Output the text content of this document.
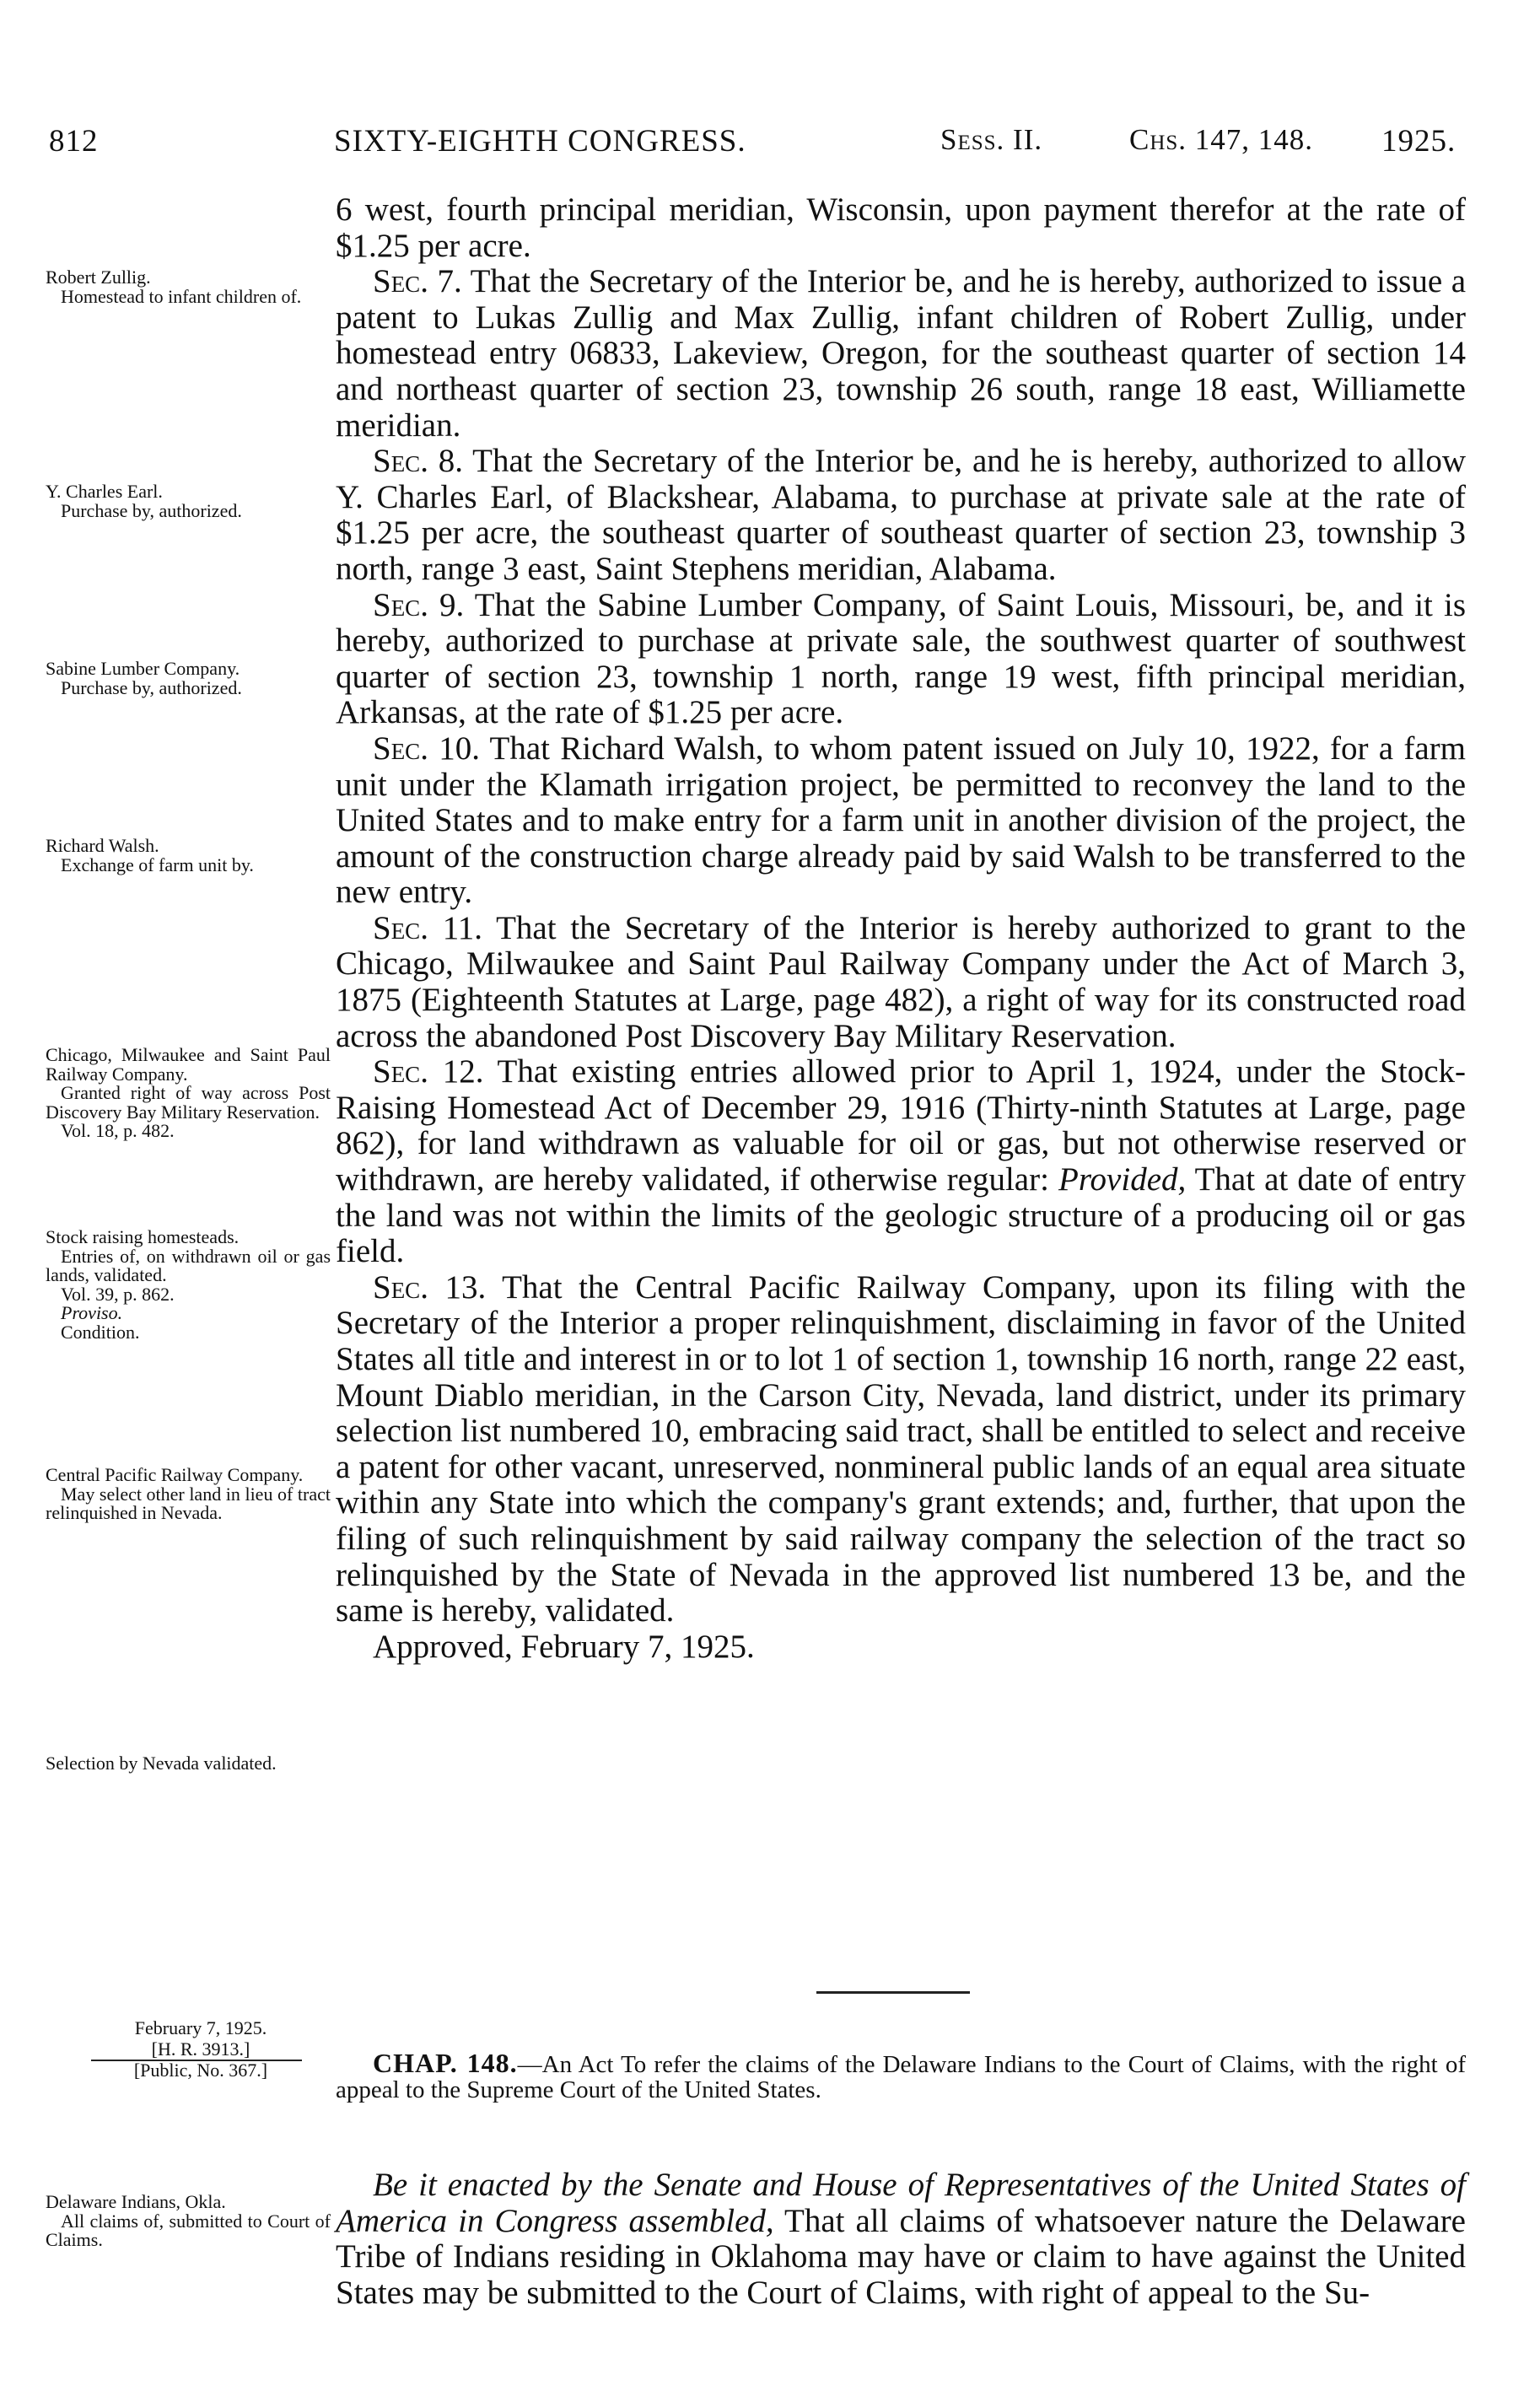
812	SIXTY-EIGHTH CONGRESS.	Sess. II.	Chs. 147, 148. 1925.

6 west, fourth principal meridian, Wisconsin, upon payment therefor at the rate of $1.25 per acre.

Sec. 7. That the Secretary of the Interior be, and he is hereby, authorized to issue a patent to Lukas Zullig and Max Zullig, infant children of Robert Zullig, under homestead entry 06833, Lakeview, Oregon, for the southeast quarter of section 14 and northeast quarter of section 23, township 26 south, range 18 east, Williamette meridian.

Sec. 8. That the Secretary of the Interior be, and he is hereby, authorized to allow Y. Charles Earl, of Blackshear, Alabama, to purchase at private sale at the rate of $1.25 per acre, the southeast quarter of southeast quarter of section 23, township 3 north, range 3 east, Saint Stephens meridian, Alabama.

Sec. 9. That the Sabine Lumber Company, of Saint Louis, Missouri, be, and it is hereby, authorized to purchase at private sale, the southwest quarter of southwest quarter of section 23, township 1 north, range 19 west, fifth principal meridian, Arkansas, at the rate of $1.25 per acre.

Sec. 10. That Richard Walsh, to whom patent issued on July 10, 1922, for a farm unit under the Klamath irrigation project, be permitted to reconvey the land to the United States and to make entry for a farm unit in another division of the project, the amount of the construction charge already paid by said Walsh to be transferred to the new entry.

Sec. 11. That the Secretary of the Interior is hereby authorized to grant to the Chicago, Milwaukee and Saint Paul Railway Company under the Act of March 3, 1875 (Eighteenth Statutes at Large, page 482), a right of way for its constructed road across the abandoned Post Discovery Bay Military Reservation.

Sec. 12. That existing entries allowed prior to April 1, 1924, under the Stock-Raising Homestead Act of December 29, 1916 (Thirty-ninth Statutes at Large, page 862), for land withdrawn as valuable for oil or gas, but not otherwise reserved or withdrawn, are hereby validated, if otherwise regular: Provided, That at date of entry the land was not within the limits of the geologic structure of a producing oil or gas field.

Sec. 13. That the Central Pacific Railway Company, upon its filing with the Secretary of the Interior a proper relinquishment, disclaiming in favor of the United States all title and interest in or to lot 1 of section 1, township 16 north, range 22 east, Mount Diablo meridian, in the Carson City, Nevada, land district, under its primary selection list numbered 10, embracing said tract, shall be entitled to select and receive a patent for other vacant, unreserved, nonmineral public lands of an equal area situate within any State into which the company's grant extends; and, further, that upon the filing of such relinquishment by said railway company the selection of the tract so relinquished by the State of Nevada in the approved list numbered 13 be, and the same is hereby, validated.

Approved, February 7, 1925.

Robert Zullig.
Homestead to infant children of.
Y. Charles Earl.
Purchase by, authorized.
Sabine Lumber Company.
Purchase by, authorized.
Richard Walsh.
Exchange of farm unit by.
Chicago, Milwaukee and Saint Paul Railway Company.
Granted right of way across Post Discovery Bay Military Reservation.
Vol. 18, p. 482.
Stock raising homesteads.
Entries of, on withdrawn oil or gas lands, validated.
Vol. 39, p. 862.
Proviso.
Condition.
Central Pacific Railway Company.
May select other land in lieu of tract relinquished in Nevada.
Selection by Nevada validated.
February 7, 1925.
[H. R. 3913.]
[Public, No. 367.]	CHAP. 148.—An Act To refer the claims of the Delaware Indians to the Court of Claims, with the right of appeal to the Supreme Court of the United States.
Delaware Indians, Okla.
All claims of, submitted to Court of Claims.
Be it enacted by the Senate and House of Representatives of the United States of America in Congress assembled, That all claims of whatsoever nature the Delaware Tribe of Indians residing in Oklahoma may have or claim to have against the United States may be submitted to the Court of Claims, with right of appeal to the Su-
